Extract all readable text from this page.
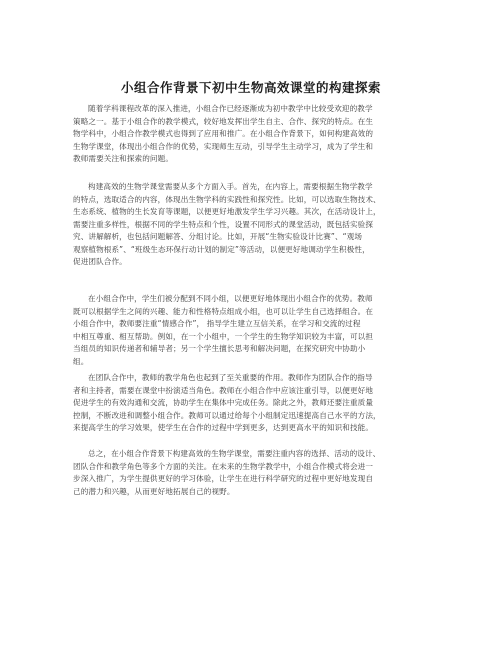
小组合作背景下初中生物高效课堂的构建探索
随着学科课程改革的深入推进，小组合作已经逐渐成为初中教学中比较受欢迎的教学
策略之一。基于小组合作的教学模式，较好地发挥出学生自主、合作、探究的特点。在生
物学科中，小组合作教学模式也得到了应用和推广。在小组合作背景下，如何构建高效的
生物学课堂，体现出小组合作的优势，实现师生互动，引导学生主动学习，成为了学生和
教师需要关注和探索的问题。
构建高效的生物学课堂需要从多个方面入手。首先，在内容上，需要根据生物学教学
的特点，选取适合的内容，体现出生物学科的实践性和探究性。比如，可以选取生物技术、
生态系统、植物的生长发育等课题，以便更好地激发学生学习兴趣。其次，在活动设计上，
需要注重多样性，根据不同的学生特点和个性，设置不同形式的课堂活动，既包括实验探
究、讲解解析，也包括问题解答、分组讨论。比如，开展“生物实验设计比赛”、“观场
观察植物根系”、“班级生态环保行动计划的制定”等活动，以便更好地调动学生积极性，
促进团队合作。
在小组合作中，学生们被分配到不同小组，以便更好地体现出小组合作的优势。教师
既可以根据学生之间的兴趣、能力和性格特点组成小组，也可以让学生自己选择组合。在
小组合作中，教师要注重“情感合作”， 指导学生建立互信关系，在学习和交流的过程
中相互尊重、相互帮助。例如，在一个小组中，一个学生的生物学知识较为丰富，可以担
当组员的知识传递者和辅导者；另一个学生擅长思考和解决问题，在探究研究中协助小
组。
在团队合作中，教师的教学角色也起到了至关重要的作用。教师作为团队合作的指导
者和主持者，需要在课堂中扮演适当角色。教师在小组合作中应该注重引导，以便更好地
促进学生的有效沟通和交流，协助学生在集体中完成任务。除此之外，教师还要注重质量
控制，不断改进和调整小组合作。教师可以通过给每个小组制定迅速提高自己水平的方法，
来提高学生的学习效果，使学生在合作的过程中学到更多，达到更高水平的知识和技能。
总之，在小组合作背景下构建高效的生物学课堂，需要注重内容的选择、活动的设计、
团队合作和教学角色等多个方面的关注。在未来的生物学教学中，小组合作模式将会进一
步深入推广，为学生提供更好的学习体验，让学生在进行科学研究的过程中更好地发现自
己的潜力和兴趣，从而更好地拓展自己的视野。
